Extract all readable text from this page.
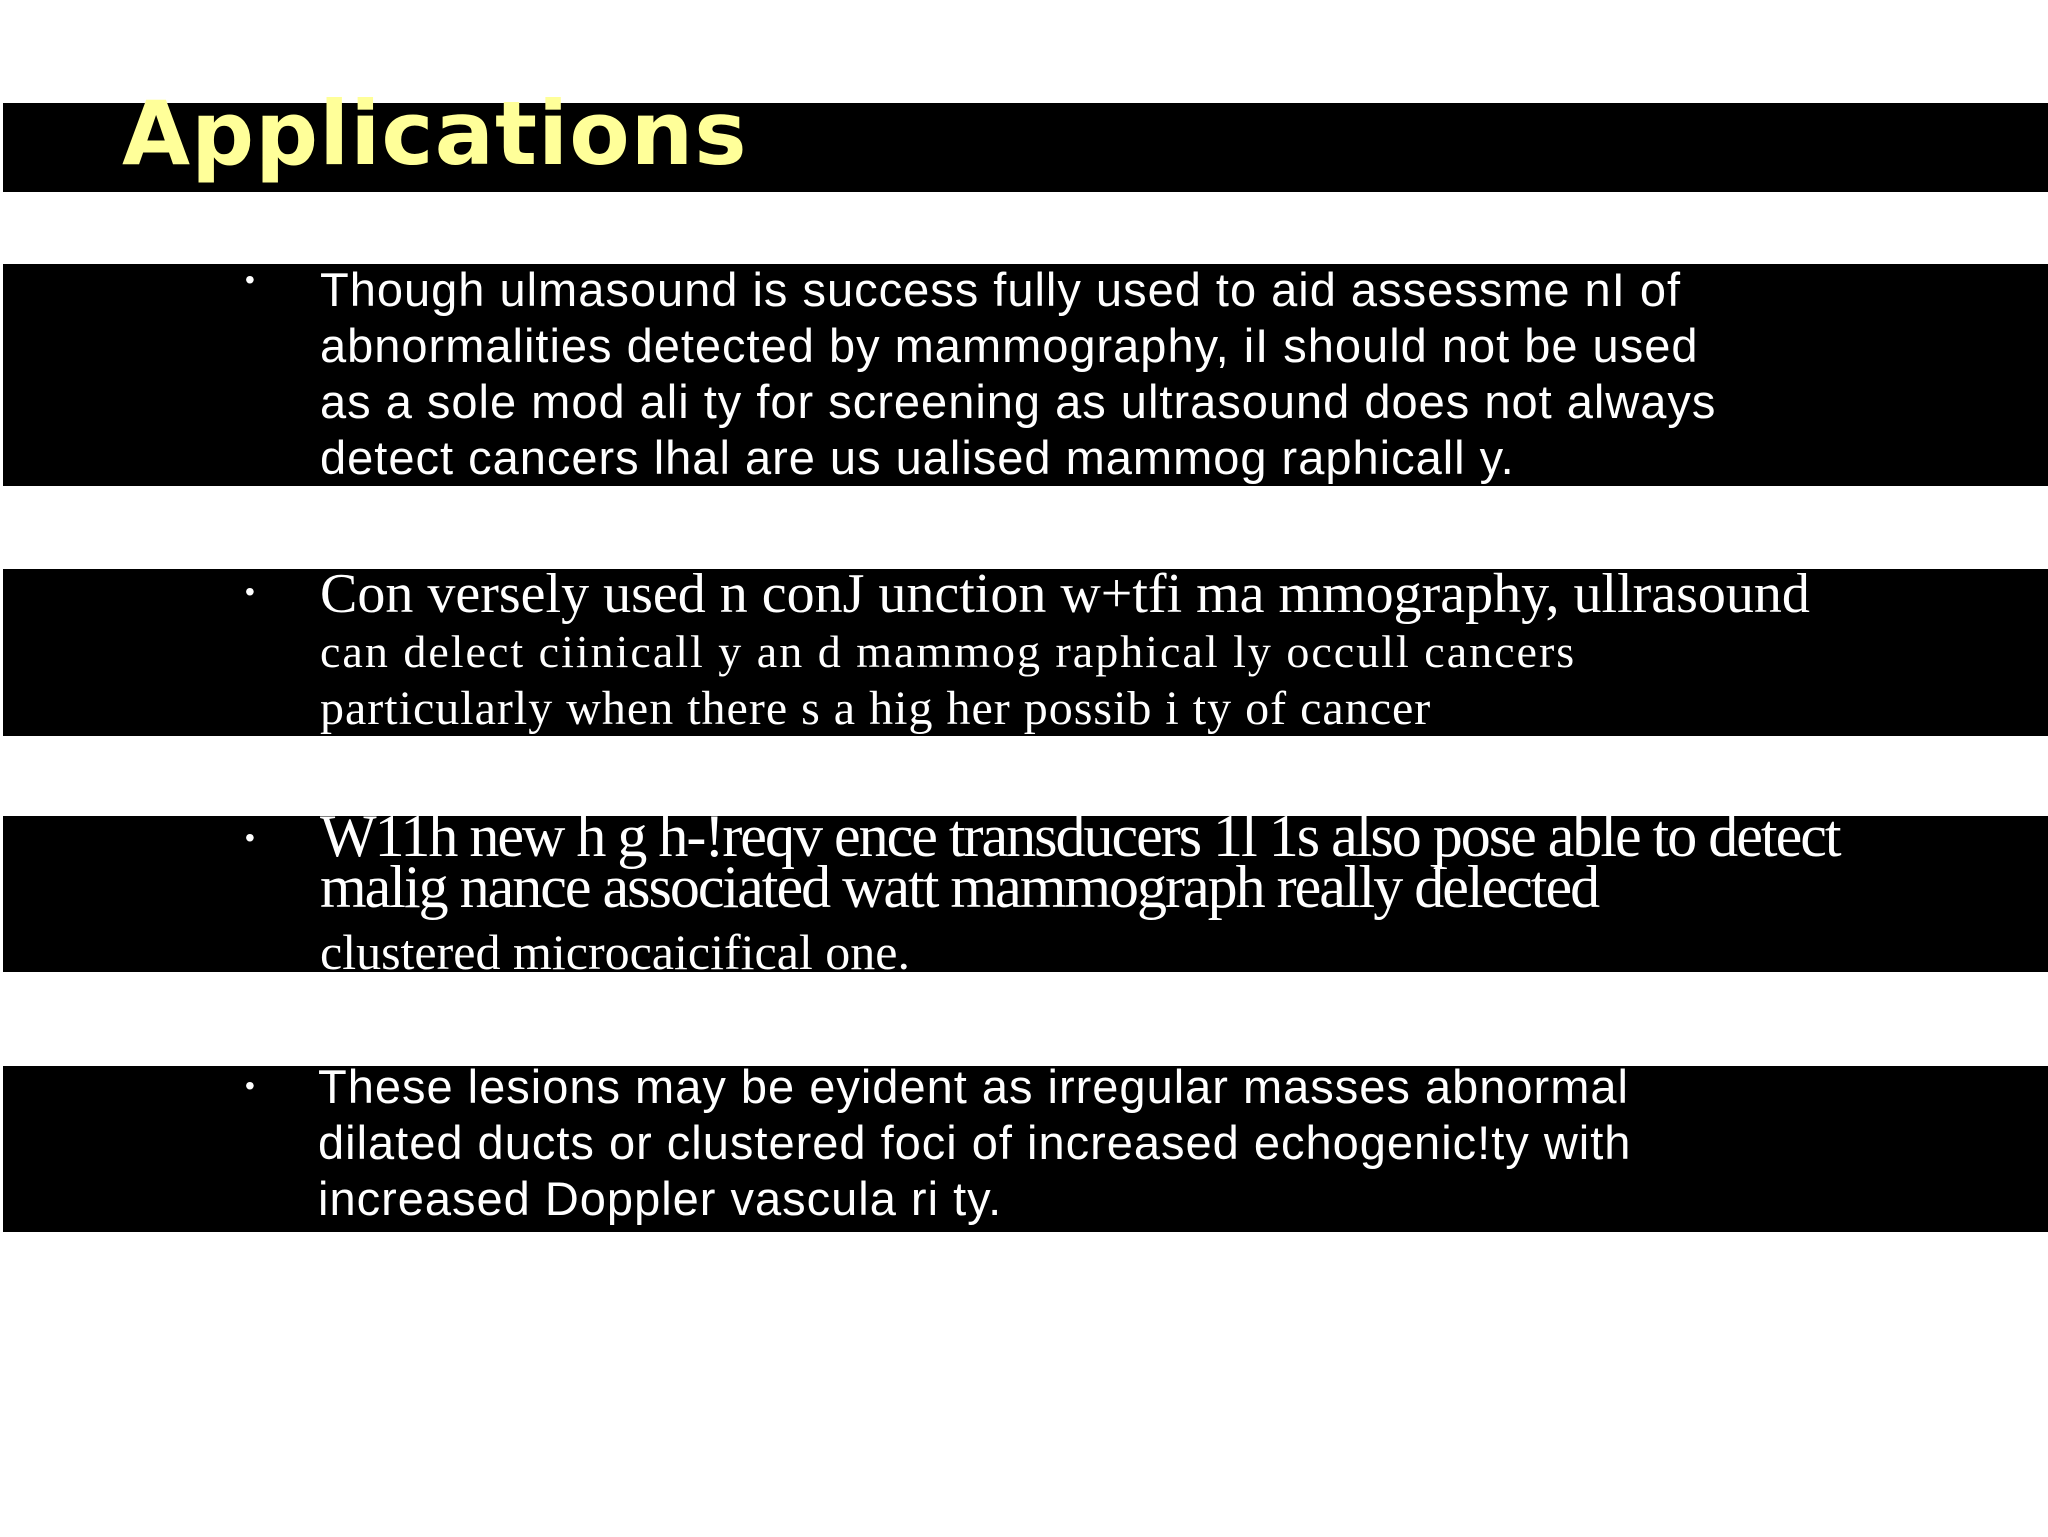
Applications
• Though ulmasound is success fully used to aid assessme nI of
abnormalities detected by mammography, iI should not be used
as a sole mod ali ty for screening as ultrasound does not always
detect cancers lhal are us ualised mammog raphicall y.

• Con versely used n conJ unction w+tfi ma mmography, ullrasound
can delect ciinicall y an d mammog raphical ly occull cancers
particularly when there s a hig her possib i ty of cancer

• W11h new h g h-!reqv ence transducers 1l 1s also pose able to detect
malig nance associated watt mammograph really delected
clustered microcaicifical one.

• These lesions may be eyident as irregular masses abnormal
dilated ducts or clustered foci of increased echogenic!ty with
increased Doppler vascula ri ty.
